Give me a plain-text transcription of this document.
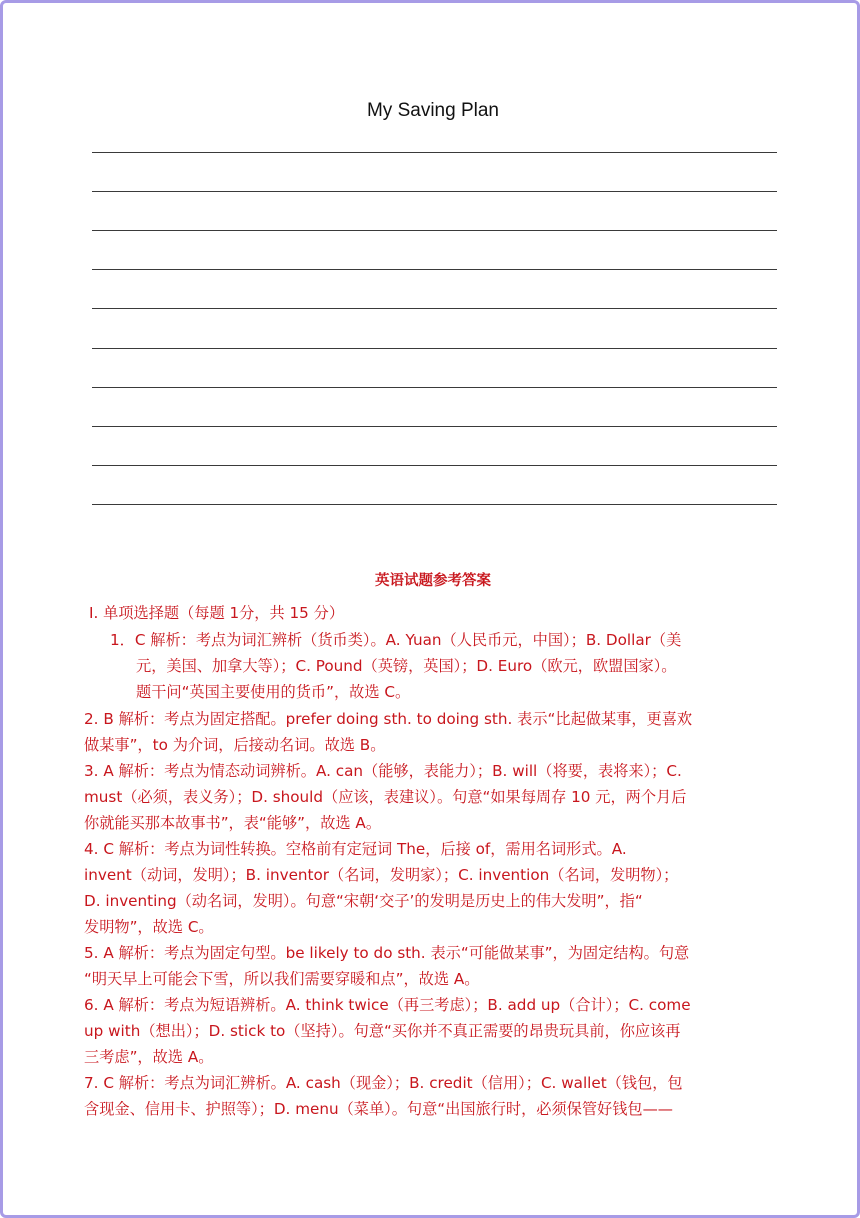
My Saving Plan
英语试题参考答案

Ⅰ. 单项选择题（每题 1分，共 15 分）

1．C 解析：考点为词汇辨析（货币类）。A. Yuan（人民币元，中国）；B. Dollar（美

元，美国、加拿大等）；C. Pound（英镑，英国）；D. Euro（欧元，欧盟国家）。

题干问“英国主要使用的货币”，故选 C。

2. B 解析：考点为固定搭配。prefer doing sth. to doing sth. 表示“比起做某事，更喜欢

做某事”，to 为介词，后接动名词。故选 B。

3. A 解析：考点为情态动词辨析。A. can（能够，表能力）；B. will（将要，表将来）；C.

must（必须，表义务）；D. should（应该，表建议）。句意“如果每周存 10 元，两个月后

你就能买那本故事书”，表“能够”，故选 A。

4. C 解析：考点为词性转换。空格前有定冠词 The，后接 of，需用名词形式。A.

invent（动词，发明）；B. inventor（名词，发明家）；C. invention（名词，发明物）；

D. inventing（动名词，发明）。句意“宋朝‘交子’的发明是历史上的伟大发明”，指“

发明物”，故选 C。

5. A 解析：考点为固定句型。be likely to do sth. 表示“可能做某事”，为固定结构。句意

“明天早上可能会下雪，所以我们需要穿暖和点”，故选 A。

6. A 解析：考点为短语辨析。A. think twice（再三考虑）；B. add up（合计）；C. come

up with（想出）；D. stick to（坚持）。句意“买你并不真正需要的昂贵玩具前，你应该再

三考虑”，故选 A。

7. C 解析：考点为词汇辨析。A. cash（现金）；B. credit（信用）；C. wallet（钱包，包

含现金、信用卡、护照等）；D. menu（菜单）。句意“出国旅行时，必须保管好钱包——
